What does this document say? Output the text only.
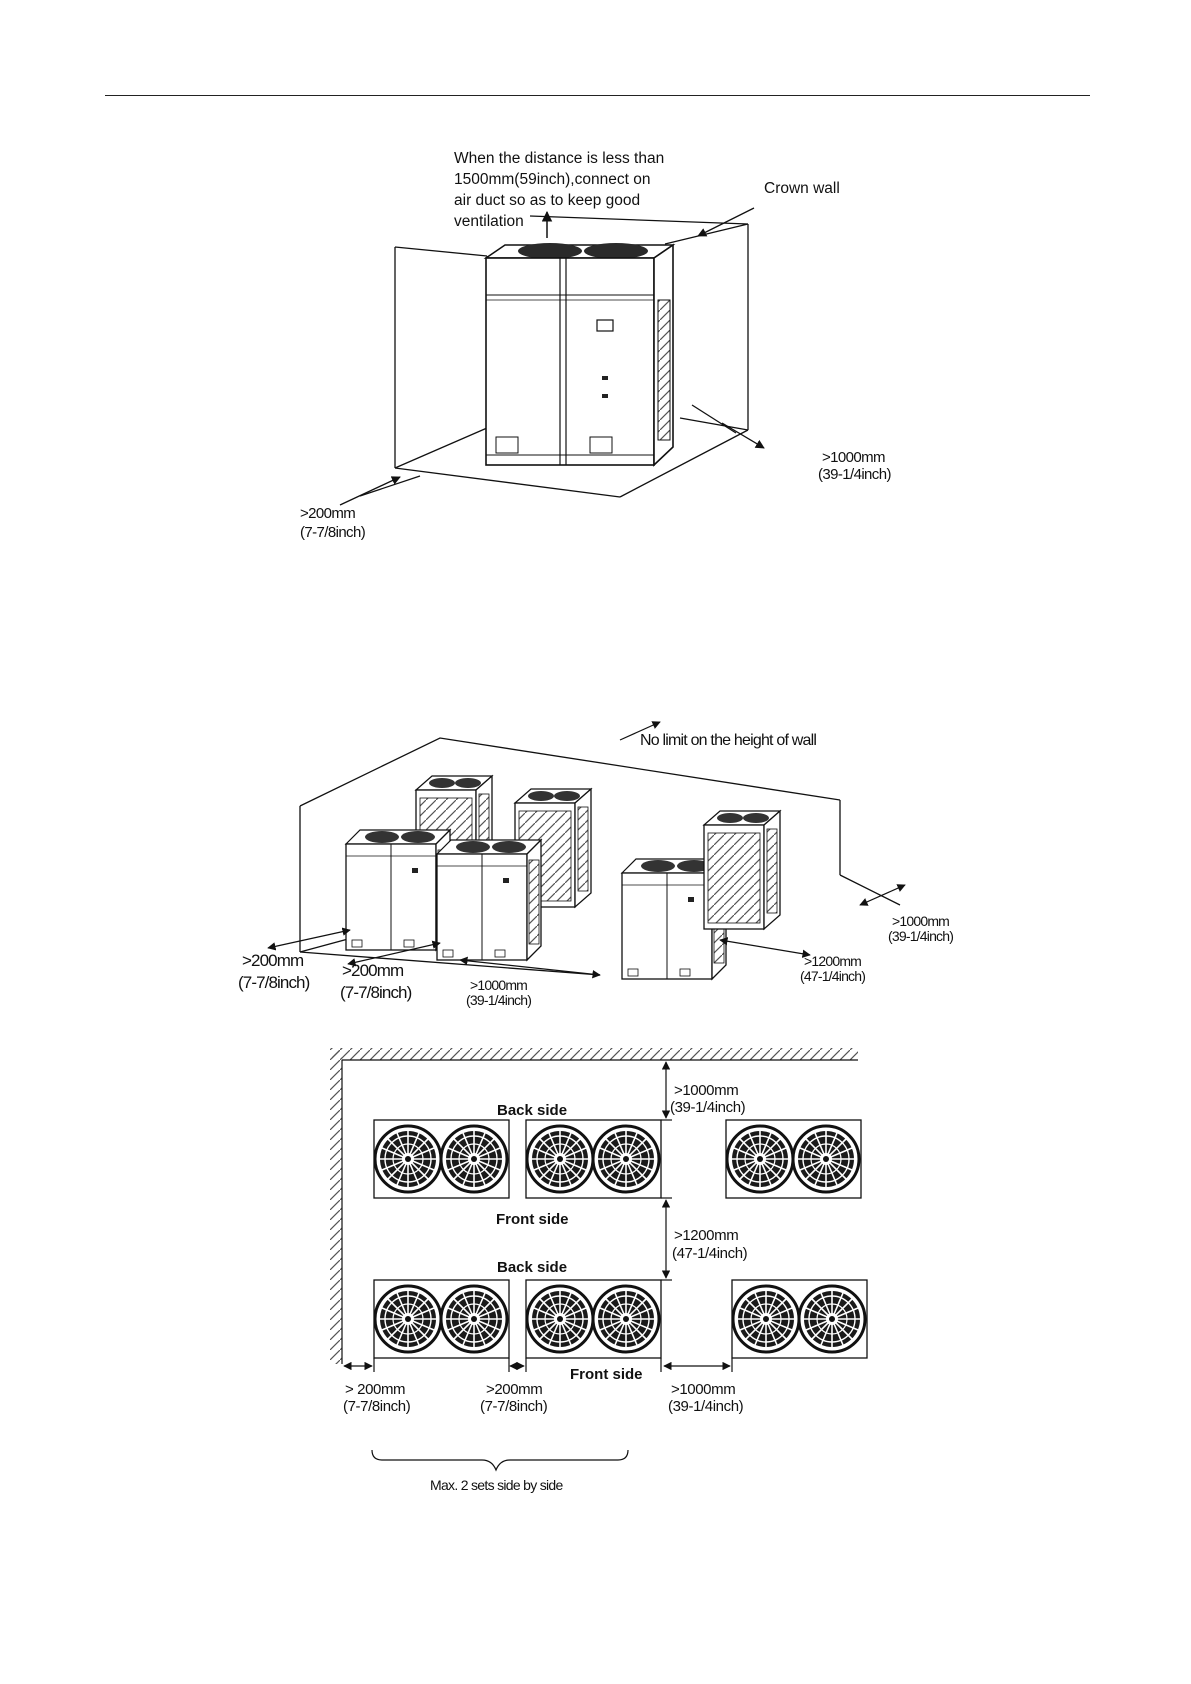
When the distance is less than
1500mm(59inch),connect on
air duct so as to keep good
ventilation
Crown wall
>1000mm
(39-1/4inch)
>200mm
(7-7/8inch)
No limit on the height of wall
>200mm
(7-7/8inch)
>200mm
(7-7/8inch)	>1000mm
(39-1/4inch)
>1000mm
(39-1/4inch)
>1200mm
(47-1/4inch)
Back side
Front side
Back side
Front side
>1000mm
(39-1/4inch)
>1200mm
(47-1/4inch)
> 200mm
(7-7/8inch)
>200mm
(7-7/8inch)
>1000mm
(39-1/4inch)
Max. 2 sets side by side
